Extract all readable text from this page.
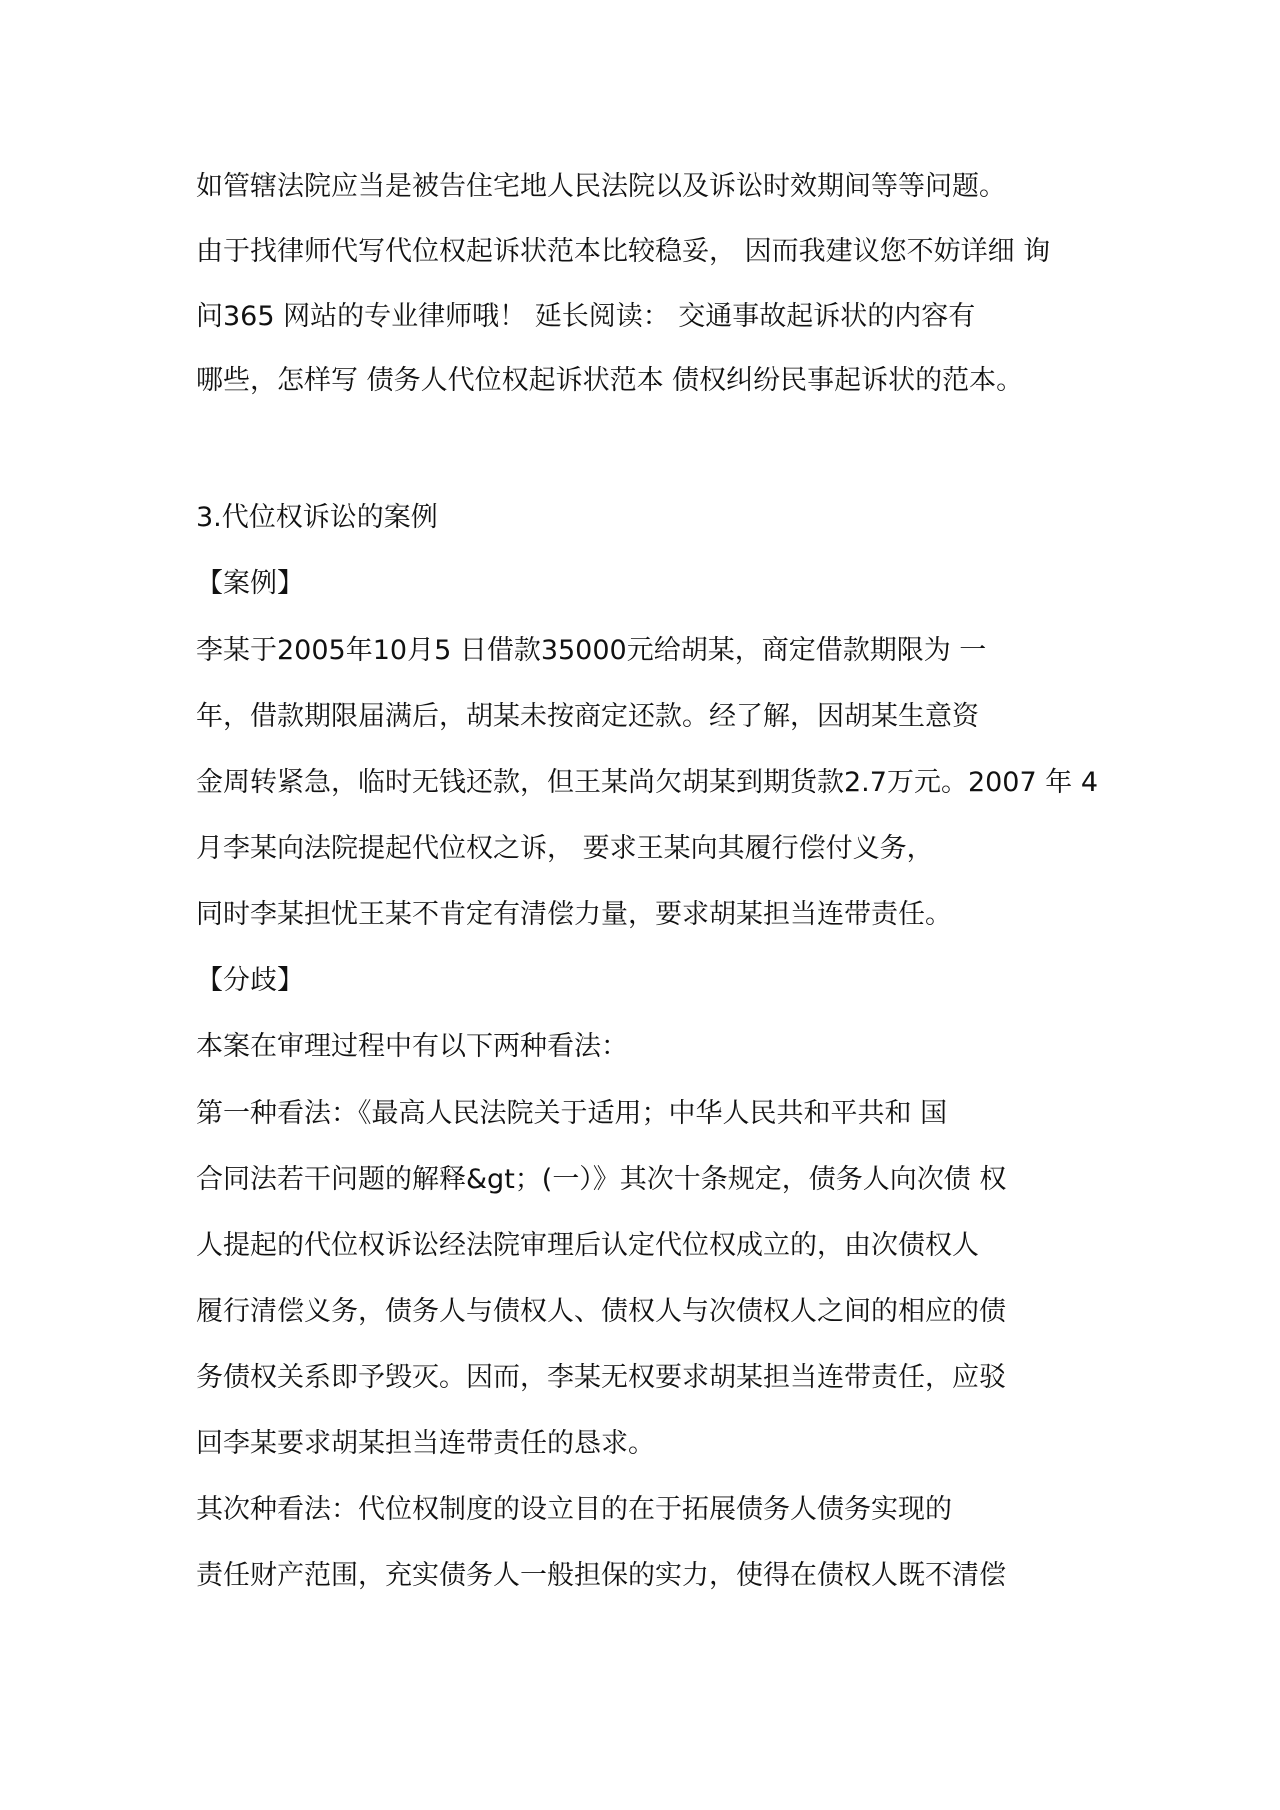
如管辖法院应当是被告住宅地人民法院以及诉讼时效期间等等问题。
由于找律师代写代位权起诉状范本比较稳妥， 因而我建议您不妨详细 询
问365 网站的专业律师哦！ 延长阅读： 交通事故起诉状的内容有
哪些，怎样写 债务人代位权起诉状范本 债权纠纷民事起诉状的范本。
3.代位权诉讼的案例
【案例】
李某于2005年10月5 日借款35000元给胡某，商定借款期限为 一
年，借款期限届满后，胡某未按商定还款。经了解，因胡某生意资
金周转紧急，临时无钱还款，但王某尚欠胡某到期货款2.7万元。2007 年 4
月李某向法院提起代位权之诉， 要求王某向其履行偿付义务，
同时李某担忧王某不肯定有清偿力量，要求胡某担当连带责任。
【分歧】
本案在审理过程中有以下两种看法：
第一种看法：《最高人民法院关于适用；中华人民共和平共和 国
合同法若干问题的解释&gt；(一）》其次十条规定，债务人向次债 权
人提起的代位权诉讼经法院审理后认定代位权成立的，由次债权人
履行清偿义务，债务人与债权人、债权人与次债权人之间的相应的债
务债权关系即予毁灭。因而，李某无权要求胡某担当连带责任，应驳
回李某要求胡某担当连带责任的恳求。
其次种看法：代位权制度的设立目的在于拓展债务人债务实现的
责任财产范围，充实债务人一般担保的实力，使得在债权人既不清偿
